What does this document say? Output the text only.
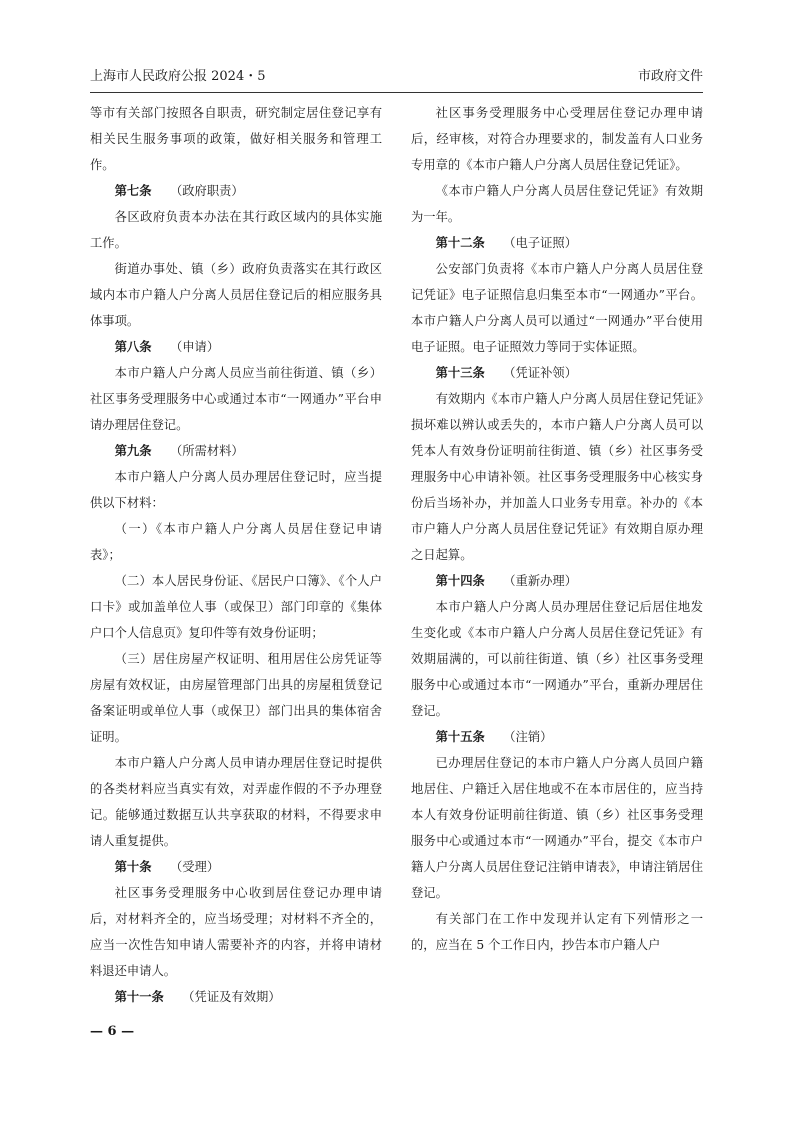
上海市人民政府公报 2024・5	市政府文件

等市有关部门按照各自职责，研究制定居住登记享有相关民生服务事项的政策，做好相关服务和管理工作。

第七条 （政府职责）

各区政府负责本办法在其行政区域内的具体实施工作。

街道办事处、镇（乡）政府负责落实在其行政区域内本市户籍人户分离人员居住登记后的相应服务具体事项。

第八条 （申请）

本市户籍人户分离人员应当前往街道、镇（乡）社区事务受理服务中心或通过本市“一网通办”平台申请办理居住登记。

第九条 （所需材料）

本市户籍人户分离人员办理居住登记时，应当提供以下材料：

（一）《本市户籍人户分离人员居住登记申请表》；

（二）本人居民身份证、《居民户口簿》、《个人户口卡》或加盖单位人事（或保卫）部门印章的《集体户口个人信息页》复印件等有效身份证明；

（三）居住房屋产权证明、租用居住公房凭证等房屋有效权证，由房屋管理部门出具的房屋租赁登记备案证明或单位人事（或保卫）部门出具的集体宿舍证明。

本市户籍人户分离人员申请办理居住登记时提供的各类材料应当真实有效，对弄虚作假的不予办理登记。能够通过数据互认共享获取的材料，不得要求申请人重复提供。

第十条 （受理）

社区事务受理服务中心收到居住登记办理申请后，对材料齐全的，应当场受理；对材料不齐全的，应当一次性告知申请人需要补齐的内容，并将申请材料退还申请人。

第十一条 （凭证及有效期）

社区事务受理服务中心受理居住登记办理申请后，经审核，对符合办理要求的，制发盖有人口业务专用章的《本市户籍人户分离人员居住登记凭证》。

《本市户籍人户分离人员居住登记凭证》有效期为一年。

第十二条 （电子证照）

公安部门负责将《本市户籍人户分离人员居住登记凭证》电子证照信息归集至本市“一网通办”平台。本市户籍人户分离人员可以通过“一网通办”平台使用电子证照。电子证照效力等同于实体证照。

第十三条 （凭证补领）

有效期内《本市户籍人户分离人员居住登记凭证》损坏难以辨认或丢失的，本市户籍人户分离人员可以凭本人有效身份证明前往街道、镇（乡）社区事务受理服务中心申请补领。社区事务受理服务中心核实身份后当场补办，并加盖人口业务专用章。补办的《本市户籍人户分离人员居住登记凭证》有效期自原办理之日起算。

第十四条 （重新办理）

本市户籍人户分离人员办理居住登记后居住地发生变化或《本市户籍人户分离人员居住登记凭证》有效期届满的，可以前往街道、镇（乡）社区事务受理服务中心或通过本市“一网通办”平台，重新办理居住登记。

第十五条 （注销）

已办理居住登记的本市户籍人户分离人员回户籍地居住、户籍迁入居住地或不在本市居住的，应当持本人有效身份证明前往街道、镇（乡）社区事务受理服务中心或通过本市“一网通办”平台，提交《本市户籍人户分离人员居住登记注销申请表》，申请注销居住登记。

有关部门在工作中发现并认定有下列情形之一的，应当在 5 个工作日内，抄告本市户籍人户

— 6 —
